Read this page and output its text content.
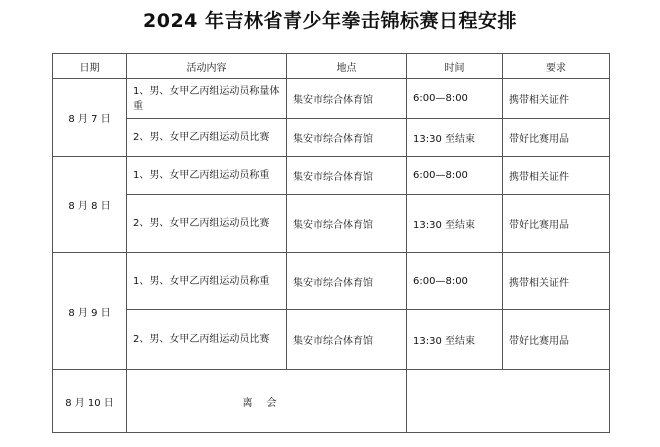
2024 年吉林省青少年拳击锦标赛日程安排
日期	活动内容	地点	时间	要求
8 月 7 日	1、男、女甲乙丙组运动员称量体重	集安市综合体育馆	6:00—8:00	携带相关证件
	2、男、女甲乙丙组运动员比赛	集安市综合体育馆	13:30 至结束	带好比赛用品
8 月 8 日	1、男、女甲乙丙组运动员称重	集安市综合体育馆	6:00—8:00	携带相关证件
	2、男、女甲乙丙组运动员比赛	集安市综合体育馆	13:30 至结束	带好比赛用品
8 月 9 日	1、男、女甲乙丙组运动员称重	集安市综合体育馆	6:00—8:00	携带相关证件
	2、男、女甲乙丙组运动员比赛	集安市综合体育馆	13:30 至结束	带好比赛用品
8 月 10 日	离会			
